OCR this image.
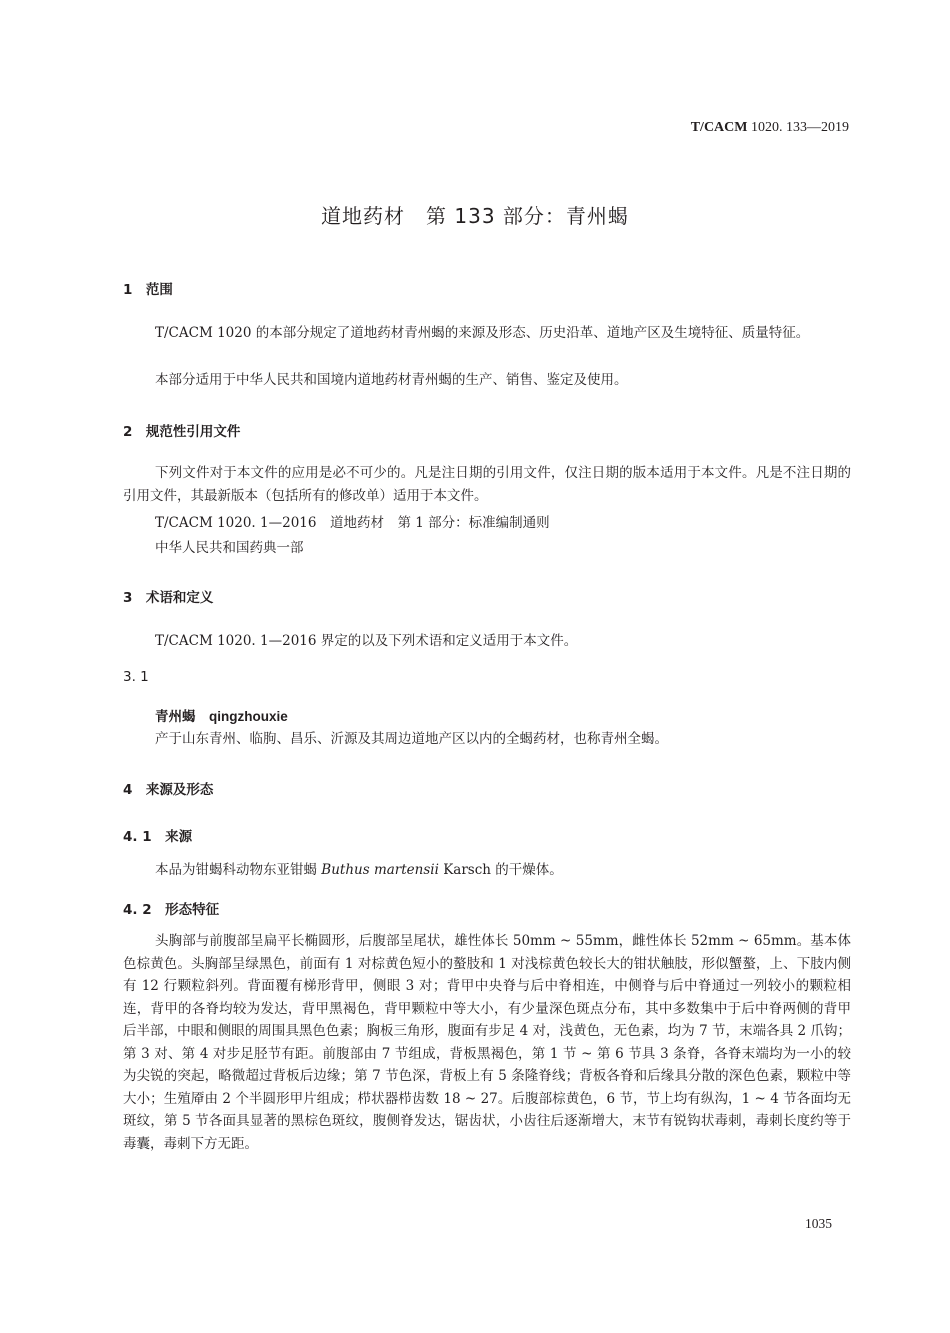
T/CACM 1020. 133—2019
道地药材　第 133 部分：青州蝎
1　范围

T/CACM 1020 的本部分规定了道地药材青州蝎的来源及形态、历史沿革、道地产区及生境特征、质量特征。

本部分适用于中华人民共和国境内道地药材青州蝎的生产、销售、鉴定及使用。

2　规范性引用文件

下列文件对于本文件的应用是必不可少的。凡是注日期的引用文件，仅注日期的版本适用于本文件。凡是不注日期的引用文件，其最新版本（包括所有的修改单）适用于本文件。

T/CACM 1020. 1—2016　道地药材　第 1 部分：标准编制通则
中华人民共和国药典一部
3　术语和定义

T/CACM 1020. 1—2016 界定的以及下列术语和定义适用于本文件。

3. 1
青州蝎　 qingzhouxie
产于山东青州、临朐、昌乐、沂源及其周边道地产区以内的全蝎药材，也称青州全蝎。
4　来源及形态
4. 1　来源
本品为钳蝎科动物东亚钳蝎 Buthus martensii Karsch 的干燥体。
4. 2　形态特征

头胸部与前腹部呈扁平长椭圆形，后腹部呈尾状，雄性体长 50mm ~ 55mm，雌性体长 52mm ~ 65mm。基本体色棕黄色。头胸部呈绿黑色，前面有 1 对棕黄色短小的螯肢和 1 对浅棕黄色较长大的钳状触肢，形似蟹螯，上、下肢内侧有 12 行颗粒斜列。背面覆有梯形背甲，侧眼 3 对；背甲中央脊与后中脊相连，中侧脊与后中脊通过一列较小的颗粒相连，背甲的各脊均较为发达，背甲黑褐色，背甲颗粒中等大小，有少量深色斑点分布，其中多数集中于后中脊两侧的背甲后半部，中眼和侧眼的周围具黑色色素；胸板三角形，腹面有步足 4 对，浅黄色，无色素，均为 7 节，末端各具 2 爪钩；第 3 对、第 4 对步足胫节有距。前腹部由 7 节组成，背板黑褐色，第 1 节 ~ 第 6 节具 3 条脊，各脊末端均为一小的较为尖锐的突起，略微超过背板后边缘；第 7 节色深，背板上有 5 条隆脊线；背板各脊和后缘具分散的深色色素，颗粒中等大小；生殖厣由 2 个半圆形甲片组成；栉状器栉齿数 18 ~ 27。后腹部棕黄色，6 节，节上均有纵沟，1 ~ 4 节各面均无斑纹，第 5 节各面具显著的黑棕色斑纹，腹侧脊发达，锯齿状，小齿往后逐渐增大，末节有锐钩状毒刺，毒刺长度约等于毒囊，毒刺下方无距。

1035
